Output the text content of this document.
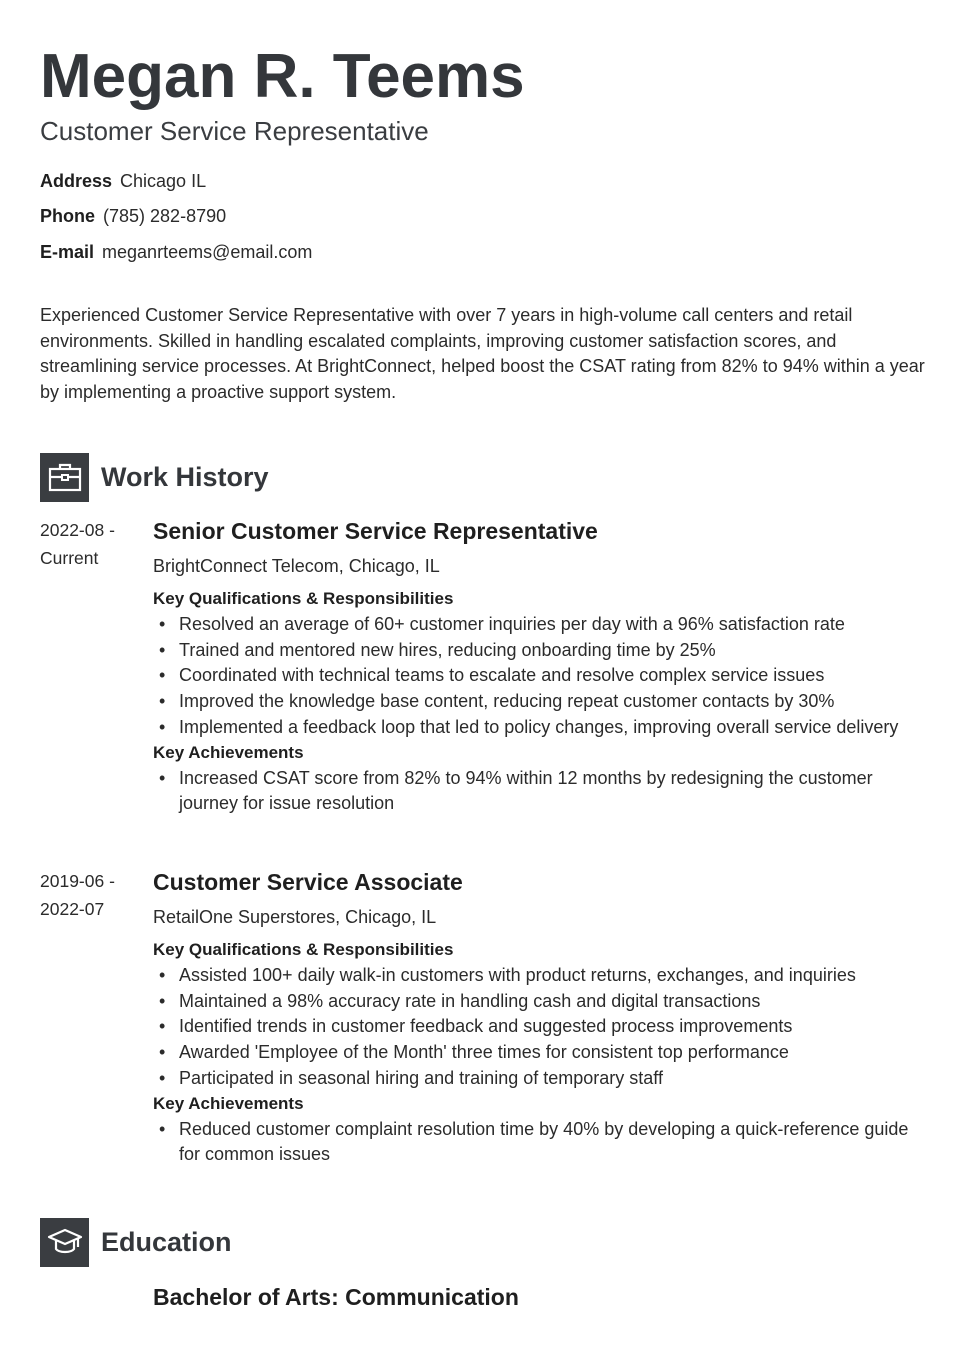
Megan R. Teems
Customer Service Representative
Address Chicago IL
Phone (785) 282-8790
E-mail meganrteems@email.com
Experienced Customer Service Representative with over 7 years in high-volume call centers and retail environments. Skilled in handling escalated complaints, improving customer satisfaction scores, and streamlining service processes. At BrightConnect, helped boost the CSAT rating from 82% to 94% within a year by implementing a proactive support system.
Work History
2022-08 -
Current
Senior Customer Service Representative
BrightConnect Telecom, Chicago, IL
Key Qualifications & Responsibilities
• Resolved an average of 60+ customer inquiries per day with a 96% satisfaction rate
• Trained and mentored new hires, reducing onboarding time by 25%
• Coordinated with technical teams to escalate and resolve complex service issues
• Improved the knowledge base content, reducing repeat customer contacts by 30%
• Implemented a feedback loop that led to policy changes, improving overall service delivery
Key Achievements
• Increased CSAT score from 82% to 94% within 12 months by redesigning the customer journey for issue resolution
2019-06 -
2022-07
Customer Service Associate
RetailOne Superstores, Chicago, IL
Key Qualifications & Responsibilities
• Assisted 100+ daily walk-in customers with product returns, exchanges, and inquiries
• Maintained a 98% accuracy rate in handling cash and digital transactions
• Identified trends in customer feedback and suggested process improvements
• Awarded 'Employee of the Month' three times for consistent top performance
• Participated in seasonal hiring and training of temporary staff
Key Achievements
• Reduced customer complaint resolution time by 40% by developing a quick-reference guide for common issues
Education
Bachelor of Arts: Communication
